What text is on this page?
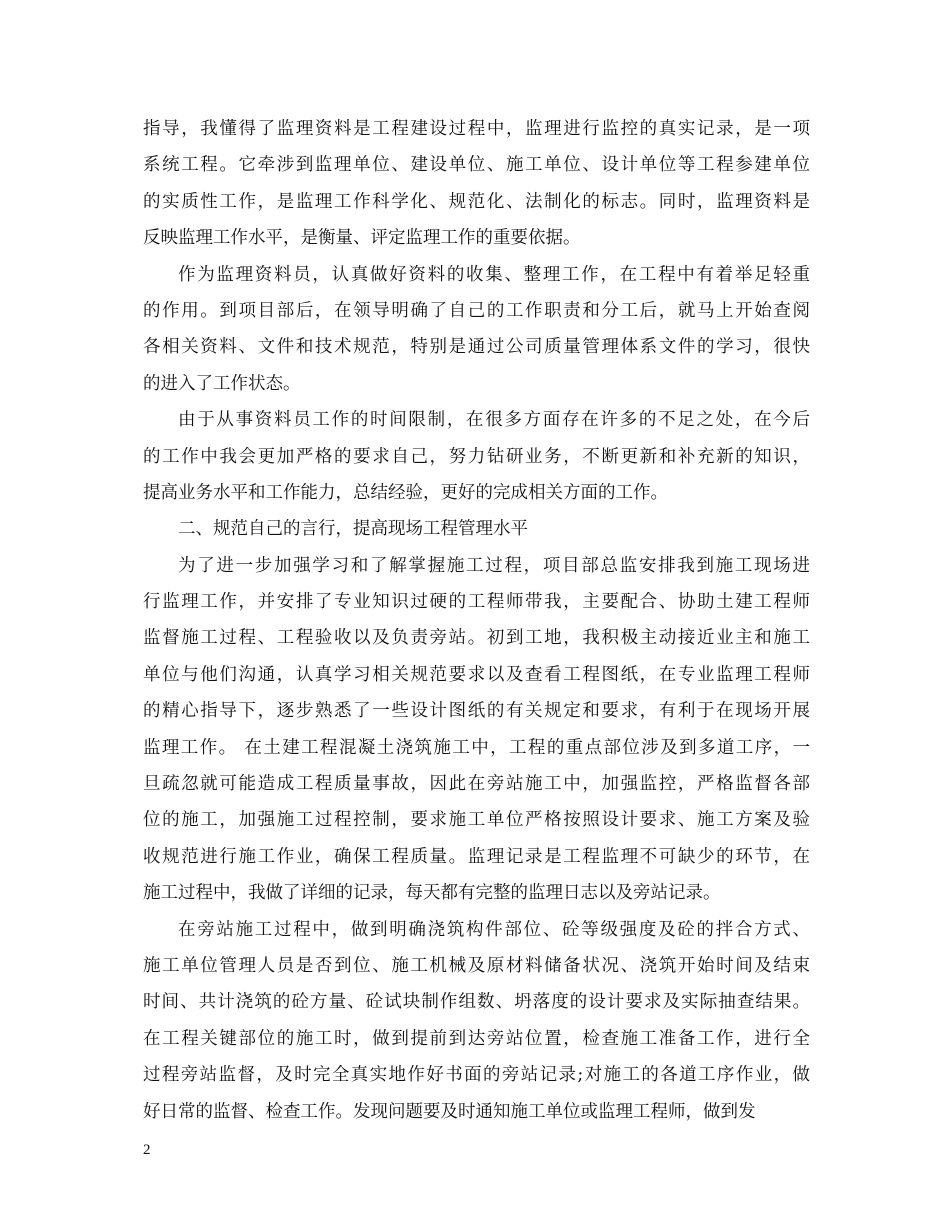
指导，我懂得了监理资料是工程建设过程中，监理进行监控的真实记录，是一项
系统工程。它牵涉到监理单位、建设单位、施工单位、设计单位等工程参建单位
的实质性工作，是监理工作科学化、规范化、法制化的标志。同时，监理资料是
反映监理工作水平，是衡量、评定监理工作的重要依据。
作为监理资料员，认真做好资料的收集、整理工作，在工程中有着举足轻重
的作用。到项目部后，在领导明确了自己的工作职责和分工后，就马上开始查阅
各相关资料、文件和技术规范，特别是通过公司质量管理体系文件的学习，很快
的进入了工作状态。
由于从事资料员工作的时间限制，在很多方面存在许多的不足之处，在今后
的工作中我会更加严格的要求自己，努力钻研业务，不断更新和补充新的知识，
提高业务水平和工作能力，总结经验，更好的完成相关方面的工作。
二、规范自己的言行，提高现场工程管理水平
为了进一步加强学习和了解掌握施工过程，项目部总监安排我到施工现场进
行监理工作，并安排了专业知识过硬的工程师带我，主要配合、协助土建工程师
监督施工过程、工程验收以及负责旁站。初到工地，我积极主动接近业主和施工
单位与他们沟通，认真学习相关规范要求以及查看工程图纸，在专业监理工程师
的精心指导下，逐步熟悉了一些设计图纸的有关规定和要求，有利于在现场开展
监理工作。 在土建工程混凝土浇筑施工中，工程的重点部位涉及到多道工序，一
旦疏忽就可能造成工程质量事故，因此在旁站施工中，加强监控，严格监督各部
位的施工，加强施工过程控制，要求施工单位严格按照设计要求、施工方案及验
收规范进行施工作业，确保工程质量。监理记录是工程监理不可缺少的环节，在
施工过程中，我做了详细的记录，每天都有完整的监理日志以及旁站记录。
在旁站施工过程中，做到明确浇筑构件部位、砼等级强度及砼的拌合方式、
施工单位管理人员是否到位、施工机械及原材料储备状况、浇筑开始时间及结束
时间、共计浇筑的砼方量、砼试块制作组数、坍落度的设计要求及实际抽查结果。
在工程关键部位的施工时，做到提前到达旁站位置，检查施工准备工作，进行全
过程旁站监督，及时完全真实地作好书面的旁站记录;对施工的各道工序作业，做
好日常的监督、检查工作。发现问题要及时通知施工单位或监理工程师，做到发
2
